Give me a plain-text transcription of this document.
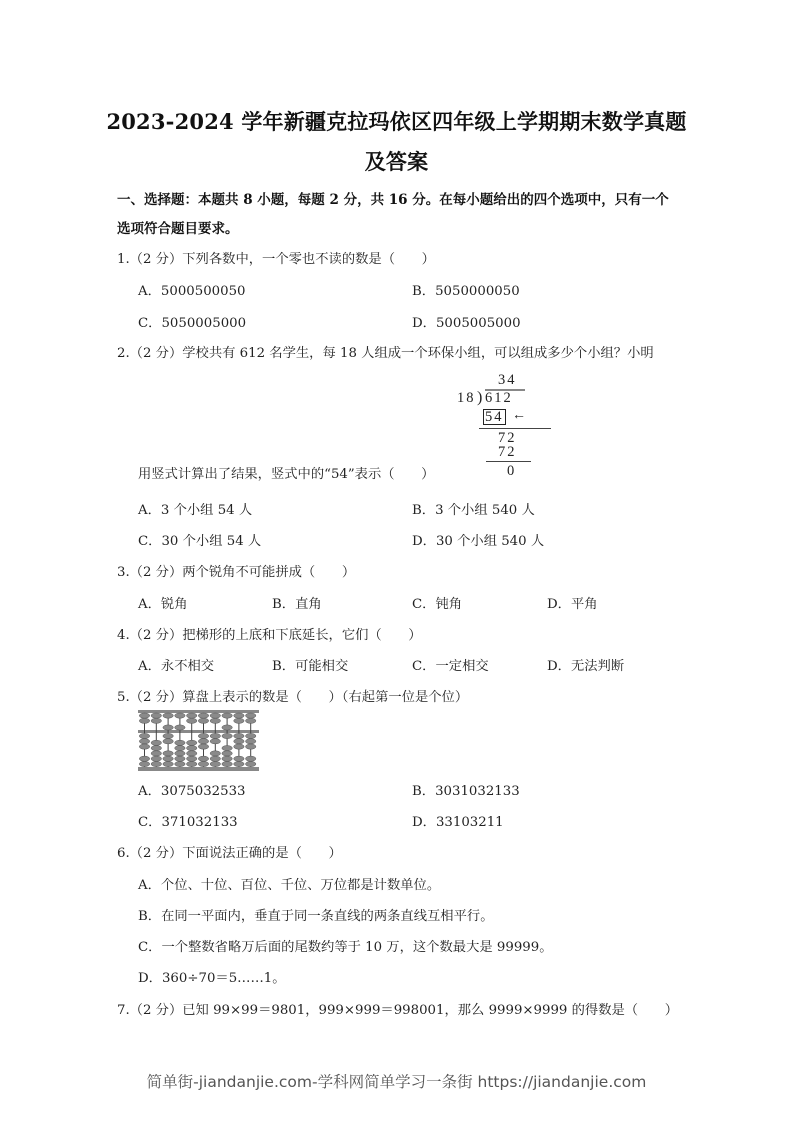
2023-2024 学年新疆克拉玛依区四年级上学期期末数学真题
及答案
一、选择题：本题共 8 小题，每题 2 分，共 16 分。在每小题给出的四个选项中，只有一个
选项符合题目要求。
1.（2 分）下列各数中，一个零也不读的数是（　　）
A．5000500050	B．5050000050
C．5050005000	D．5005005000
2.（2 分）学校共有 612 名学生，每 18 人组成一个环保小组，可以组成多少个小组？小明
34
18 ) 612
54 ←
72
72
0
用竖式计算出了结果，竖式中的“54”表示（　　）
A．3 个小组 54 人	B．3 个小组 540 人
C．30 个小组 54 人	D．30 个小组 540 人
3.（2 分）两个锐角不可能拼成（　　）
A．锐角	B．直角	C．钝角	D．平角
4.（2 分）把梯形的上底和下底延长，它们（　　）
A．永不相交	B．可能相交	C．一定相交	D．无法判断
5.（2 分）算盘上表示的数是（　　）（右起第一位是个位）
A．3075032533	B．3031032133
C．371032133	D．33103211
6.（2 分）下面说法正确的是（　　）
A．个位、十位、百位、千位、万位都是计数单位。
B．在同一平面内，垂直于同一条直线的两条直线互相平行。
C．一个整数省略万后面的尾数约等于 10 万，这个数最大是 99999。
D．360÷70＝5……1。
7.（2 分）已知 99×99＝9801，999×999＝998001，那么 9999×9999 的得数是（　　）
简单街-jiandanjie.com-学科网简单学习一条街 https://jiandanjie.com
